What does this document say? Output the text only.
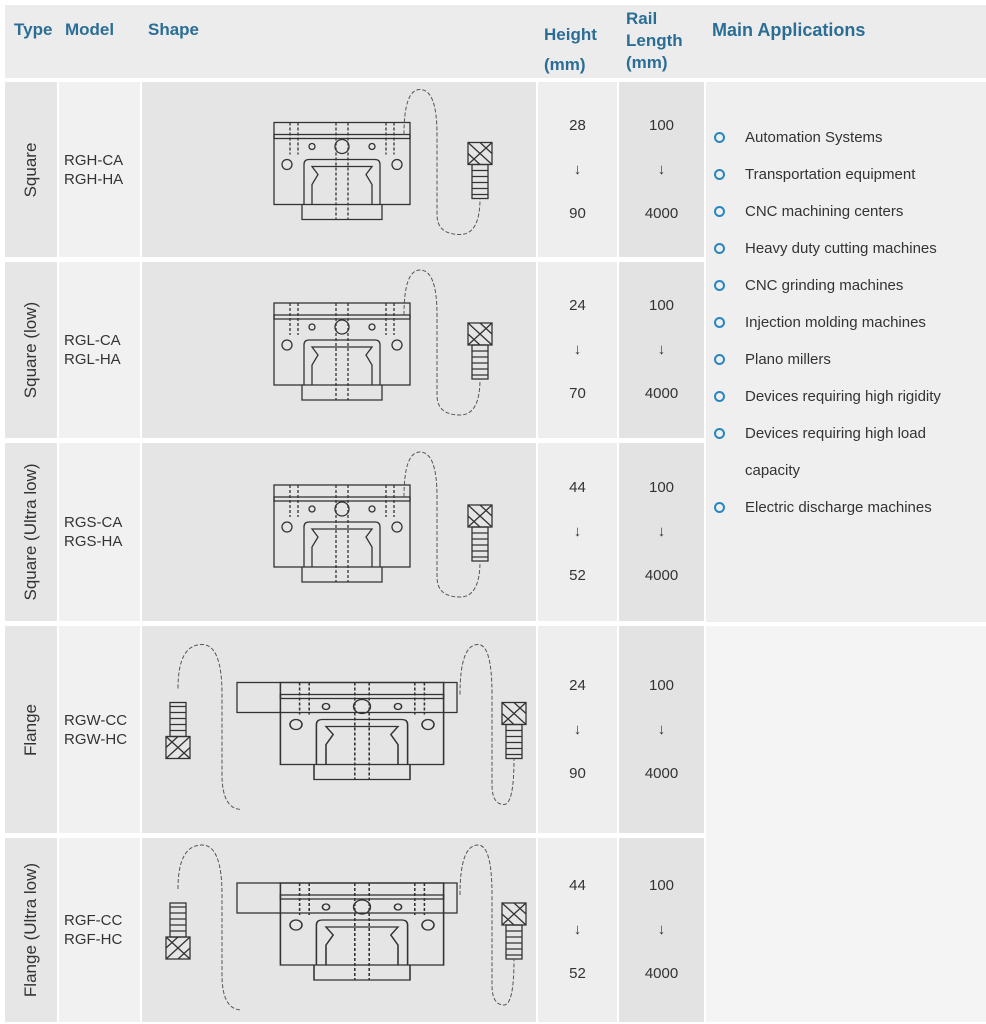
Type Model Shape	Height
(mm)
Rail
Length
(mm)
Main Applications
Square RGH-CA
RGH-HA
28
↓
90
100
↓
4000
Square (low) RGL-CA
RGL-HA
24
↓
70
100
↓
4000
Square (Ultra low) RGS-CA
RGS-HA
44
↓
52
100
↓
4000
Flange RGW-CC
RGW-HC
24
↓
90
100
↓
4000
Flange (Ultra low) RGF-CC
RGF-HC
44
↓
52
100
↓
4000
Automation Systems
Transportation equipment
CNC machining centers
Heavy duty cutting machines
CNC grinding machines
Injection molding machines
Plano millers
Devices requiring high rigidity
Devices requiring high load capacity
Electric discharge machines
